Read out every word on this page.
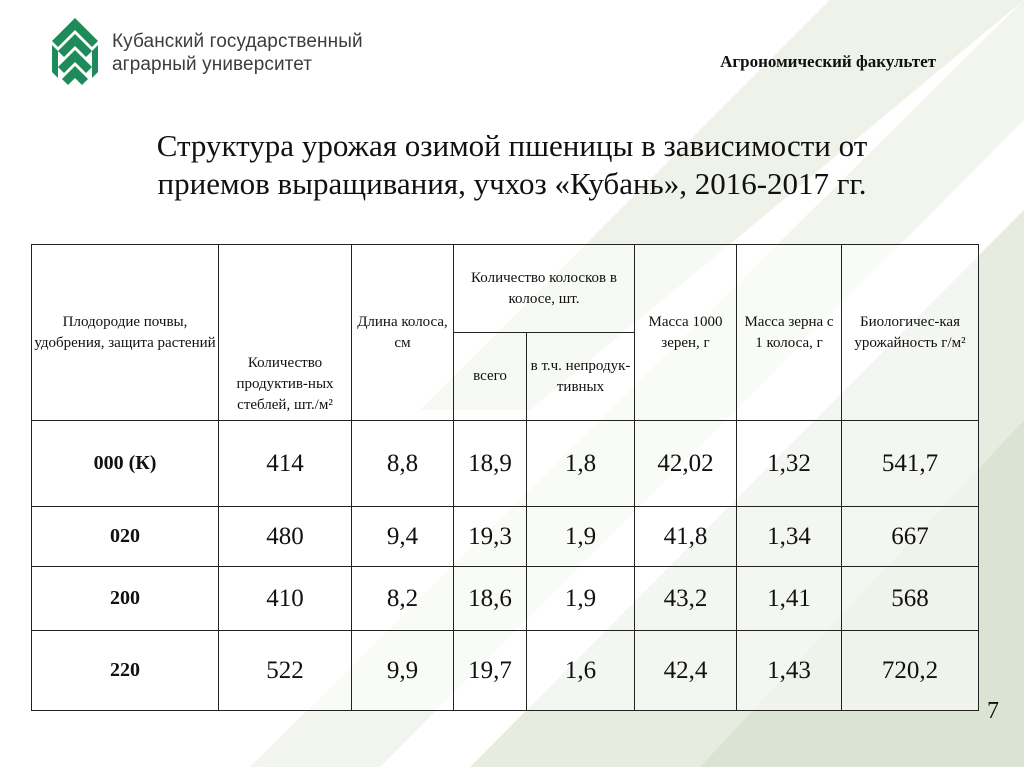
Кубанский государственный
аграрный университет	Агрономический факультет
Структура урожая озимой пшеницы в зависимости от
приемов выращивания, учхоз «Кубань», 2016-2017 гг.
Плодородие почвы, удобрения, защита растений	Количество продуктив-ных стеблей, шт./м²	Длина колоса, см	Количество колосков в колосе, шт.		Масса 1000 зерен, г	Масса зерна с 1 колоса, г	Биологичес-кая урожайность г/м²
			всего	в т.ч. непродук-тивных			
000 (К)	414	8,8	18,9	1,8	42,02	1,32	541,7
020	480	9,4	19,3	1,9	41,8	1,34	667
200	410	8,2	18,6	1,9	43,2	1,41	568
220	522	9,9	19,7	1,6	42,4	1,43	720,2
7
